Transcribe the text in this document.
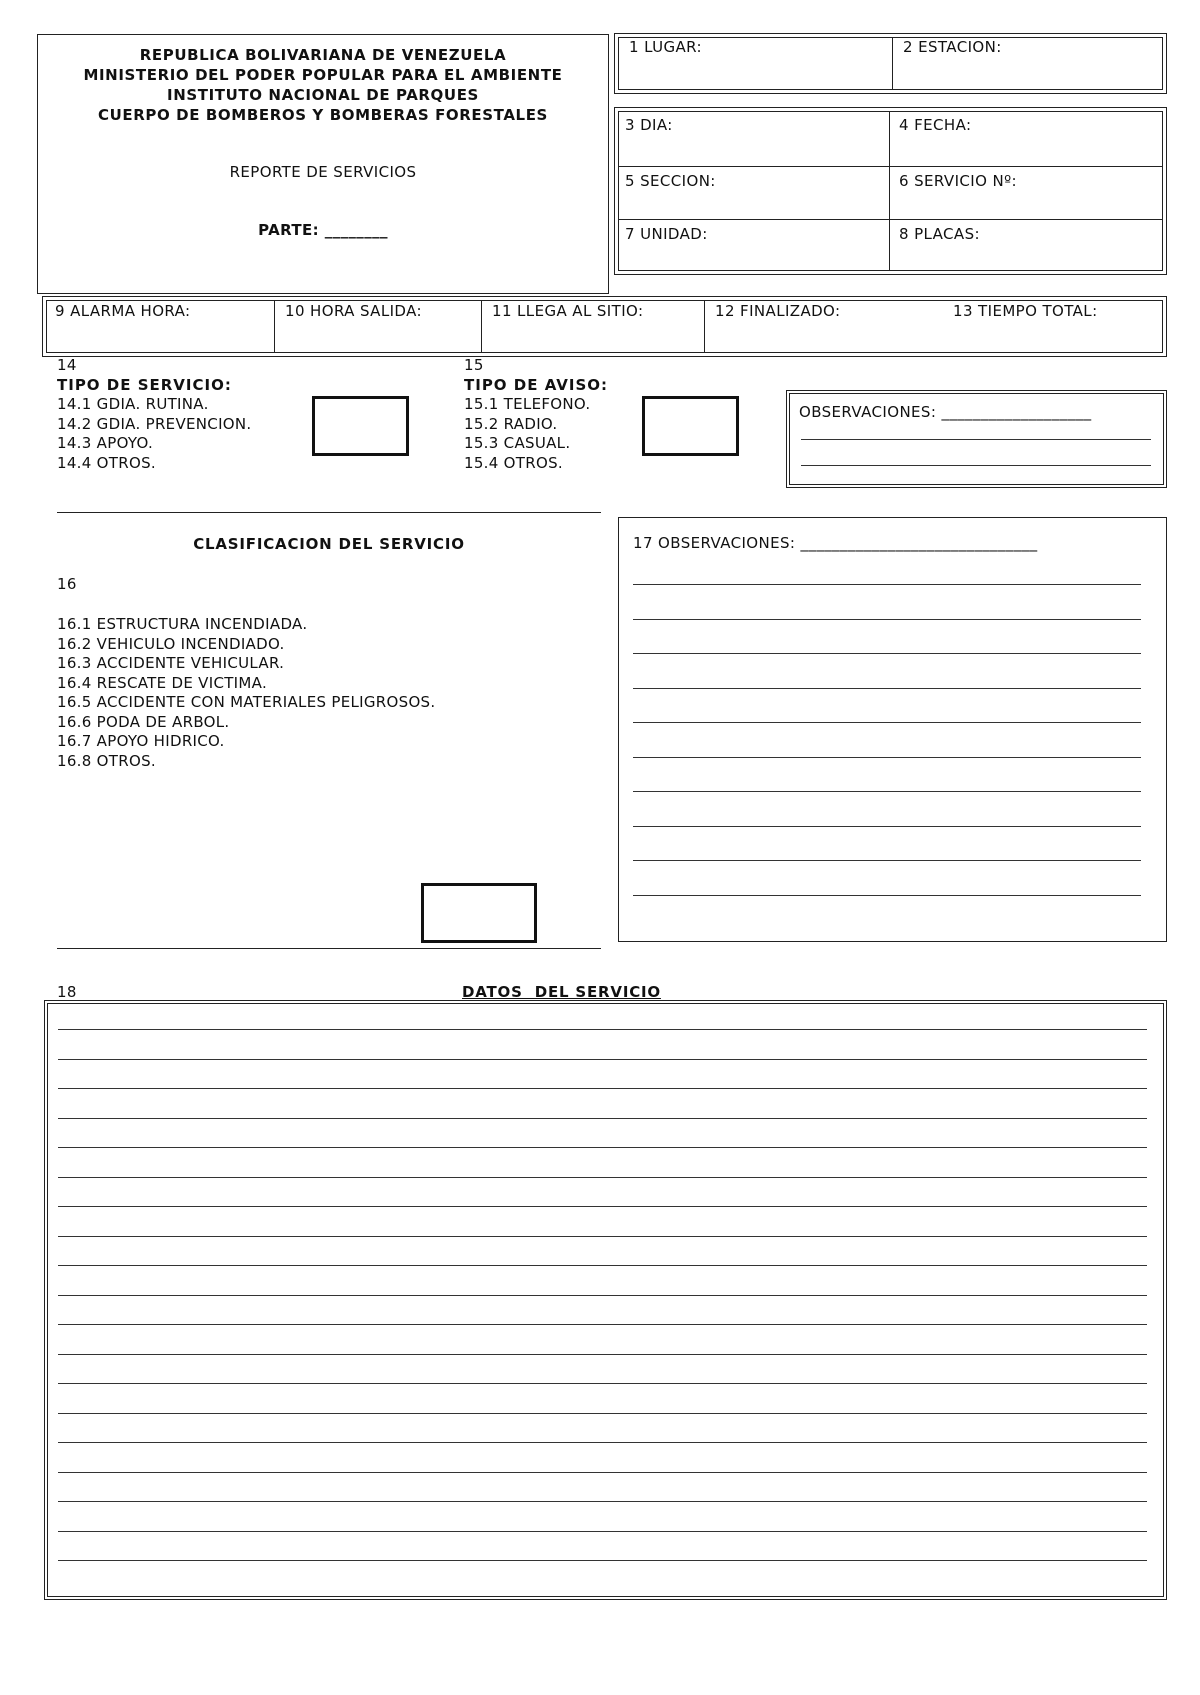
REPUBLICA BOLIVARIANA DE VENEZUELA
MINISTERIO DEL PODER POPULAR PARA EL AMBIENTE
INSTITUTO NACIONAL DE PARQUES
CUERPO DE BOMBEROS Y BOMBERAS FORESTALES
REPORTE DE SERVICIOS
PARTE: ________
1 LUGAR:	2 ESTACION:
3 DIA:	4 FECHA:
5 SECCION:	6 SERVICIO Nº:
7 UNIDAD:	8 PLACAS:
9 ALARMA HORA:	10 HORA SALIDA:	11 LLEGA AL SITIO:	12 FINALIZADO:	13 TIEMPO TOTAL:
14
TIPO DE SERVICIO:
14.1 GDIA. RUTINA.
14.2 GDIA. PREVENCION.
14.3 APOYO.
14.4 OTROS.
15
TIPO DE AVISO:
15.1 TELEFONO.
15.2 RADIO.
15.3 CASUAL.
15.4 OTROS.
OBSERVACIONES: ___________________
CLASIFICACION DEL SERVICIO
16
16.1 ESTRUCTURA INCENDIADA.
16.2 VEHICULO INCENDIADO.
16.3 ACCIDENTE VEHICULAR.
16.4 RESCATE DE VICTIMA.
16.5 ACCIDENTE CON MATERIALES PELIGROSOS.
16.6 PODA DE ARBOL.
16.7 APOYO HIDRICO.
16.8 OTROS.
17 OBSERVACIONES: ______________________________
18	DATOS  DEL SERVICIO
